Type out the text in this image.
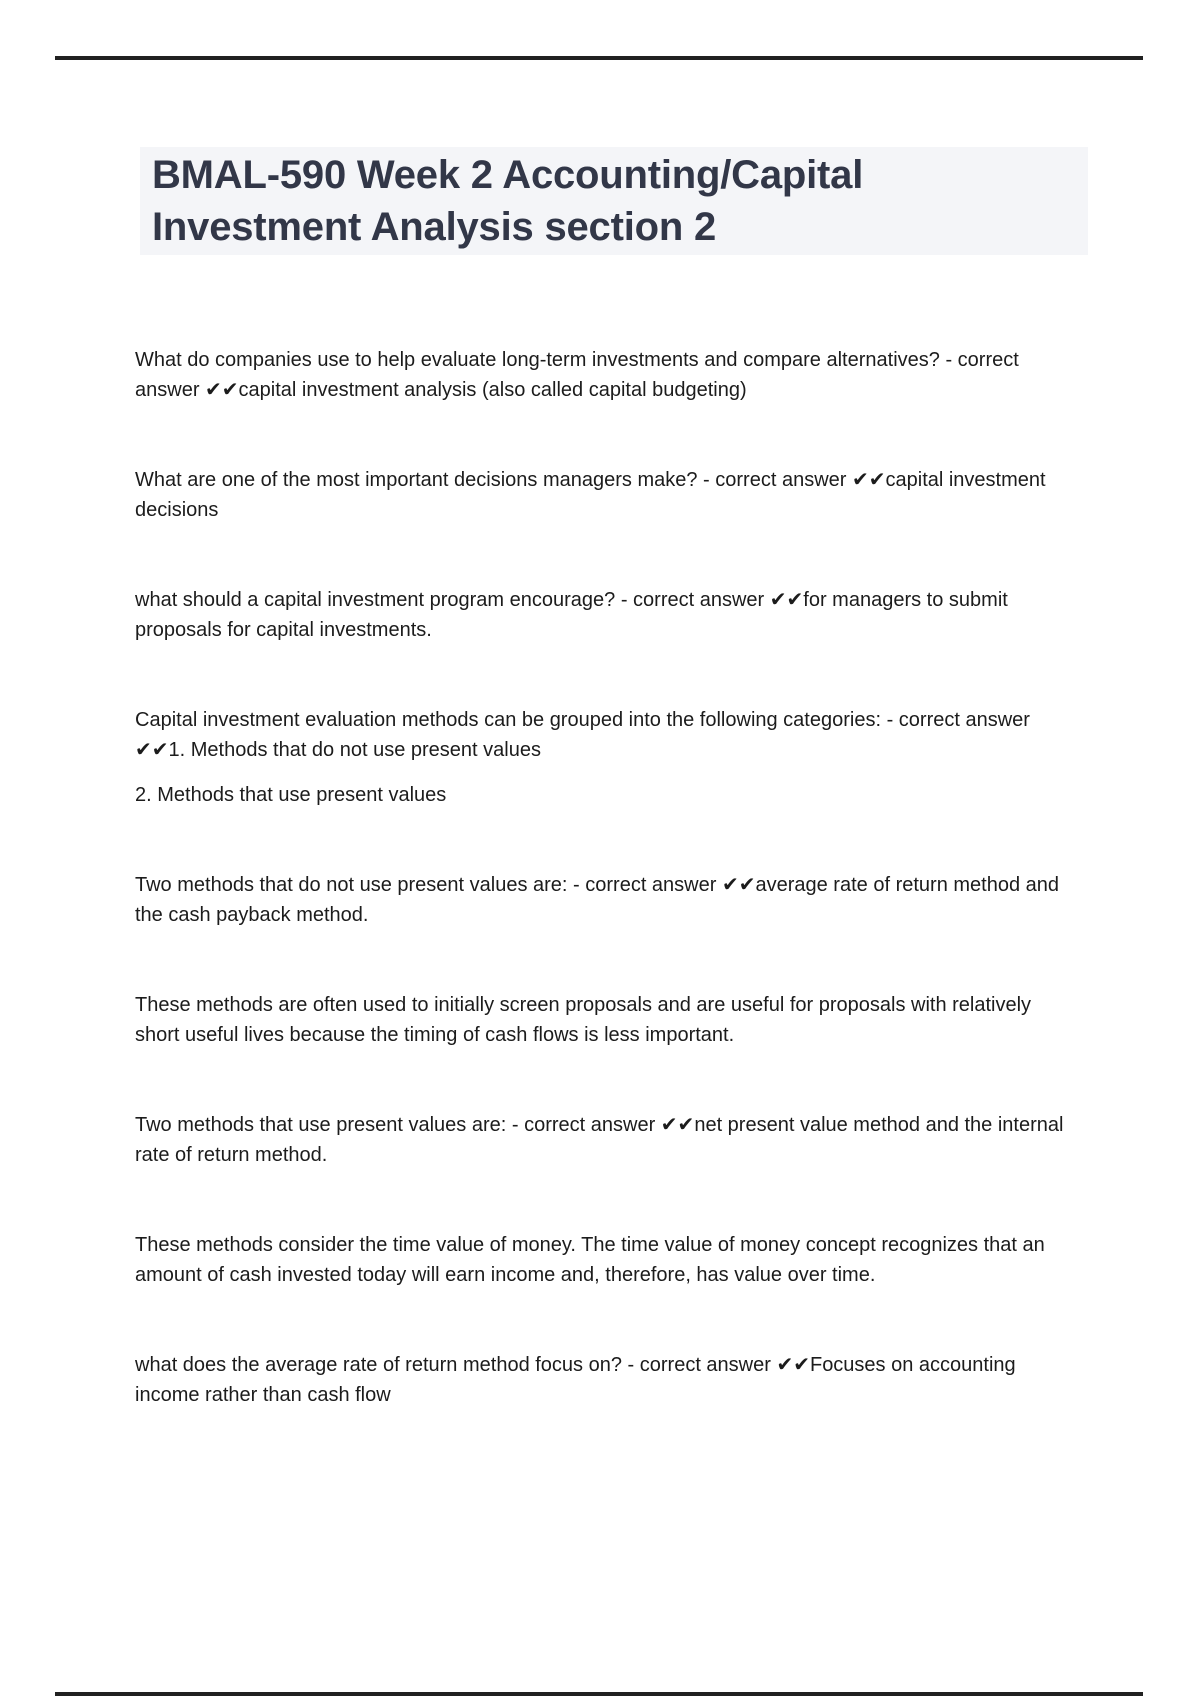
BMAL-590 Week 2 Accounting/Capital Investment Analysis section 2

What do companies use to help evaluate long-term investments and compare alternatives? - correct answer ✔✔capital investment analysis (also called capital budgeting)

What are one of the most important decisions managers make? - correct answer ✔✔capital investment decisions

what should a capital investment program encourage? - correct answer ✔✔for managers to submit proposals for capital investments.

Capital investment evaluation methods can be grouped into the following categories: - correct answer ✔✔1. Methods that do not use present values

2. Methods that use present values

Two methods that do not use present values are: - correct answer ✔✔average rate of return method and the cash payback method.

These methods are often used to initially screen proposals and are useful for proposals with relatively short useful lives because the timing of cash flows is less important.

Two methods that use present values are: - correct answer ✔✔net present value method and the internal rate of return method.

These methods consider the time value of money. The time value of money concept recognizes that an amount of cash invested today will earn income and, therefore, has value over time.

what does the average rate of return method focus on? - correct answer ✔✔Focuses on accounting income rather than cash flow
